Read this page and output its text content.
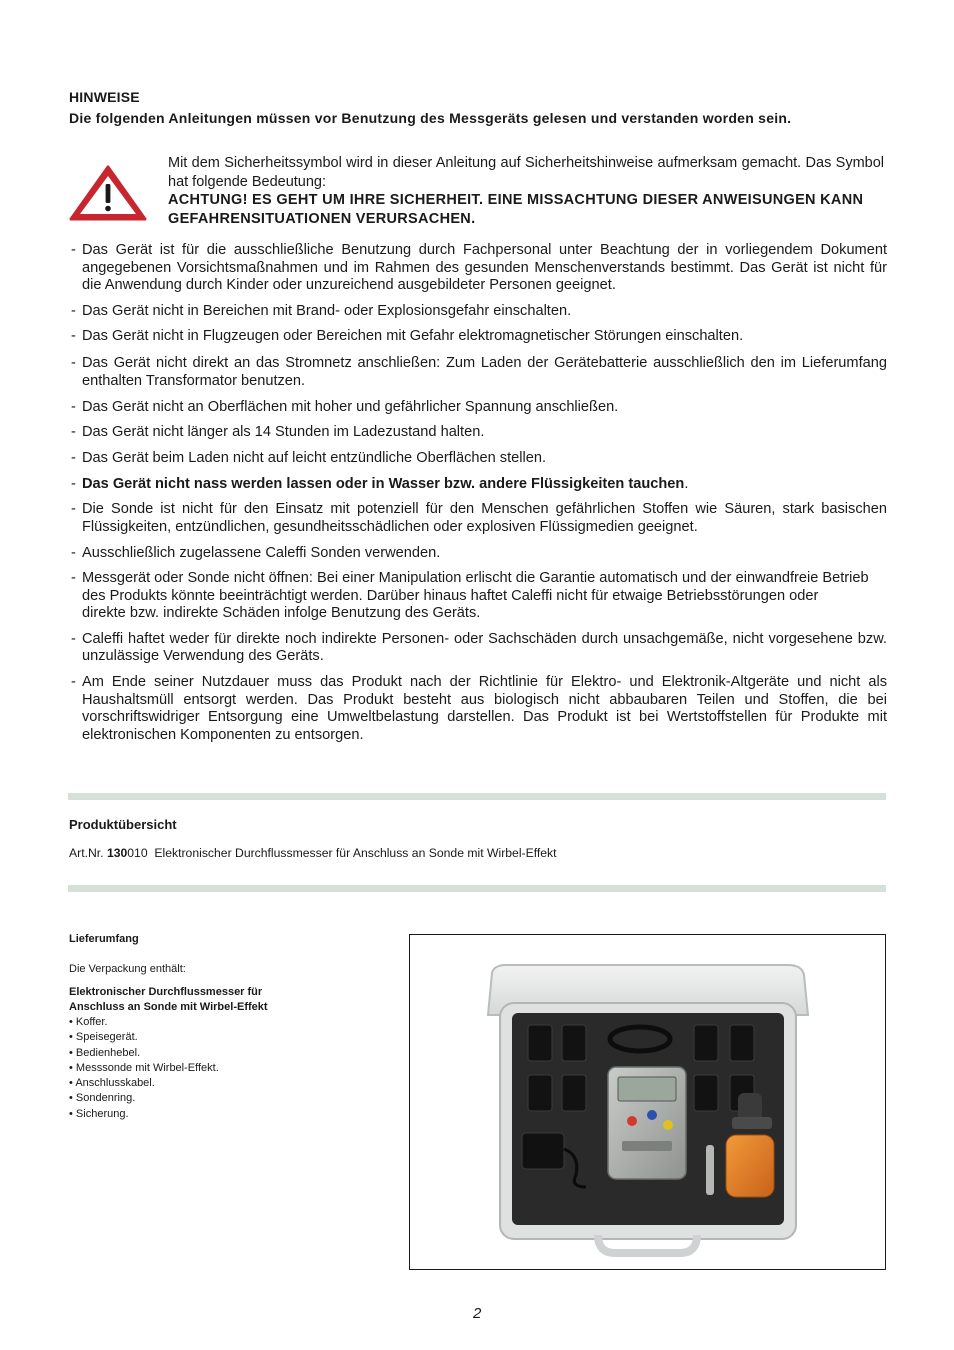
HINWEISE
Die folgenden Anleitungen müssen vor Benutzung des Messgeräts gelesen und verstanden worden sein.
Mit dem Sicherheitssymbol wird in dieser Anleitung auf Sicherheitshinweise aufmerksam gemacht. Das Symbol hat folgende Bedeutung:
ACHTUNG! ES GEHT UM IHRE SICHERHEIT. EINE MISSACHTUNG DIESER ANWEISUNGEN KANN GEFAHRENSITUATIONEN VERURSACHEN.
- Das Gerät ist für die ausschließliche Benutzung durch Fachpersonal unter Beachtung der in vorliegendem Dokument angegebenen Vorsichtsmaßnahmen und im Rahmen des gesunden Menschenverstands bestimmt. Das Gerät ist nicht für die Anwendung durch Kinder oder unzureichend ausgebildeter Personen geeignet.
- Das Gerät nicht in Bereichen mit Brand- oder Explosionsgefahr einschalten.
- Das Gerät nicht in Flugzeugen oder Bereichen mit Gefahr elektromagnetischer Störungen einschalten.
- Das Gerät nicht direkt an das Stromnetz anschließen: Zum Laden der Gerätebatterie ausschließlich den im Lieferumfang enthalten Transformator benutzen.
- Das Gerät nicht an Oberflächen mit hoher und gefährlicher Spannung anschließen.
- Das Gerät nicht länger als 14 Stunden im Ladezustand halten.
- Das Gerät beim Laden nicht auf leicht entzündliche Oberflächen stellen.
- Das Gerät nicht nass werden lassen oder in Wasser bzw. andere Flüssigkeiten tauchen.
- Die Sonde ist nicht für den Einsatz mit potenziell für den Menschen gefährlichen Stoffen wie Säuren, stark basischen Flüssigkeiten, entzündlichen, gesundheitsschädlichen oder explosiven Flüssigmedien geeignet.
- Ausschließlich zugelassene Caleffi Sonden verwenden.
- Messgerät oder Sonde nicht öffnen: Bei einer Manipulation erlischt die Garantie automatisch und der einwandfreie Betrieb des Produkts könnte beeinträchtigt werden. Darüber hinaus haftet Caleffi nicht für etwaige Betriebsstörungen oder
direkte bzw. indirekte Schäden infolge Benutzung des Geräts.
- Caleffi haftet weder für direkte noch indirekte Personen- oder Sachschäden durch unsachgemäße, nicht vorgesehene bzw. unzulässige Verwendung des Geräts.
- Am Ende seiner Nutzdauer muss das Produkt nach der Richtlinie für Elektro- und Elektronik-Altgeräte und nicht als Haushaltsmüll entsorgt werden. Das Produkt besteht aus biologisch nicht abbaubaren Teilen und Stoffen, die bei vorschriftswidriger Entsorgung eine Umweltbelastung darstellen. Das Produkt ist bei Wertstoffstellen für Produkte mit elektronischen Komponenten zu entsorgen.
Produktübersicht
Art.Nr. 130010 Elektronischer Durchflussmesser für Anschluss an Sonde mit Wirbel-Effekt
Lieferumfang
Die Verpackung enthält:
Elektronischer Durchflussmesser für Anschluss an Sonde mit Wirbel-Effekt
• Koffer.
• Speisegerät.
• Bedienhebel.
• Messsonde mit Wirbel-Effekt.
• Anschlusskabel.
• Sondenring.
• Sicherung.
2
